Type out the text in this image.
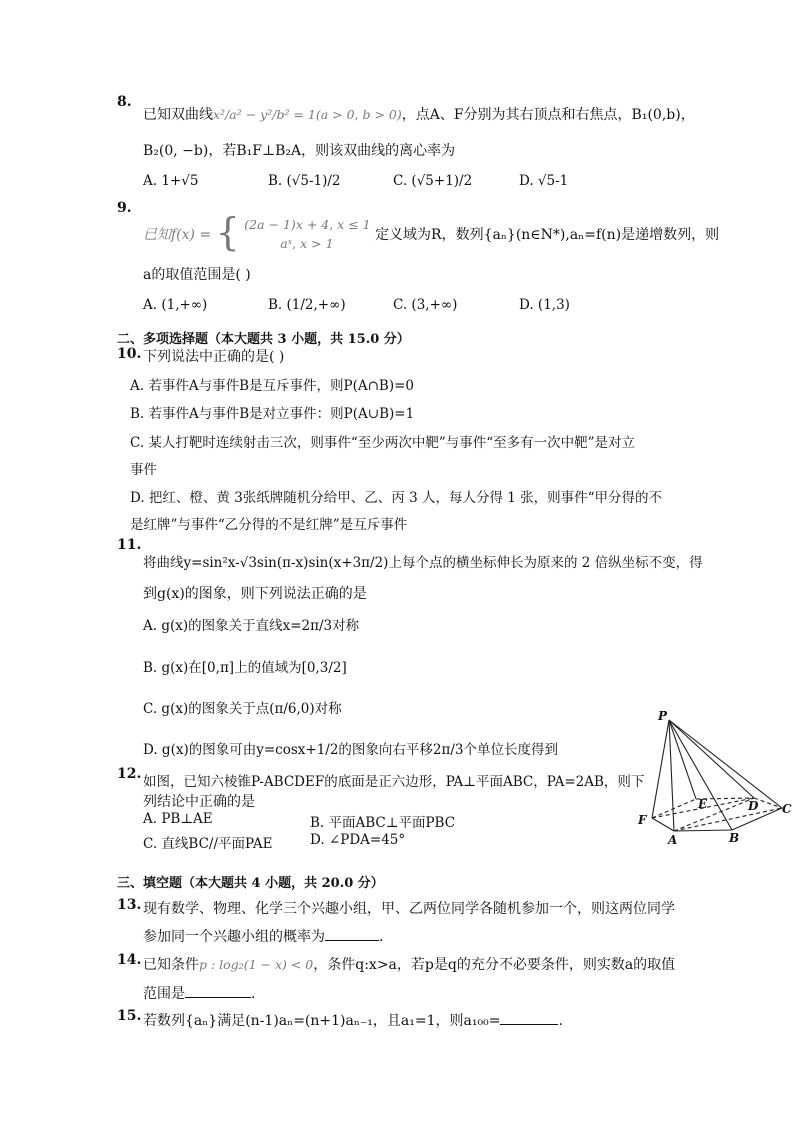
8.
已知双曲线x²/a² − y²/b² = 1(a > 0, b > 0)，点A、F分别为其右顶点和右焦点，B₁(0,b)，
B₂(0, −b)，若B₁F⊥B₂A，则该双曲线的离心率为
A. 1+√5	B. (√5-1)/2	C. (√5+1)/2	D. √5-1
9.
已知f(x) = { (2a − 1)x + 4, x ≤ 1
aˣ, x > 1
定义域为R，数列{aₙ}(n∈N*),aₙ=f(n)是递增数列，则
a的取值范围是( )
A. (1,+∞)	B. (1/2,+∞)	C. (3,+∞)	D. (1,3)
二、多项选择题（本大题共 3 小题，共 15.0 分）
10. 下列说法中正确的是( )
A. 若事件A与事件B是互斥事件，则P(A∩B)=0
B. 若事件A与事件B是对立事件：则P(A∪B)=1
C. 某人打靶时连续射击三次，则事件“至少两次中靶”与事件“至多有一次中靶”是对立
事件
D. 把红、橙、黄 3张纸牌随机分给甲、乙、丙 3 人，每人分得 1 张，则事件“甲分得的不
是红牌”与事件“乙分得的不是红牌”是互斥事件
11.
将曲线y=sin²x-√3sin(π-x)sin(x+3π/2)上每个点的横坐标伸长为原来的 2 倍纵坐标不变，得
到g(x)的图象，则下列说法正确的是
A. g(x)的图象关于直线x=2π/3对称
B. g(x)在[0,π]上的值域为[0,3/2]
C. g(x)的图象关于点(π/6,0)对称
D. g(x)的图象可由y=cosx+1/2的图象向右平移2π/3个单位长度得到
12. 如图，已知六棱锥P-ABCDEF的底面是正六边形，PA⊥平面ABC，PA=2AB，则下
列结论中正确的是
A. PB⊥AE	B. 平面ABC⊥平面PBC
C. 直线BC//平面PAE	D. ∠PDA=45°
P
E	D C
F
A	B
三、填空题（本大题共 4 小题，共 20.0 分）
13. 现有数学、物理、化学三个兴趣小组，甲、乙两位同学各随机参加一个，则这两位同学
参加同一个兴趣小组的概率为	.
14. 已知条件p : log₂(1 − x) < 0，条件q:x>a，若p是q的充分不必要条件，则实数a的取值
范围是	.
15. 若数列{aₙ}满足(n-1)aₙ=(n+1)aₙ₋₁，且a₁=1，则a₁₀₀=	.
